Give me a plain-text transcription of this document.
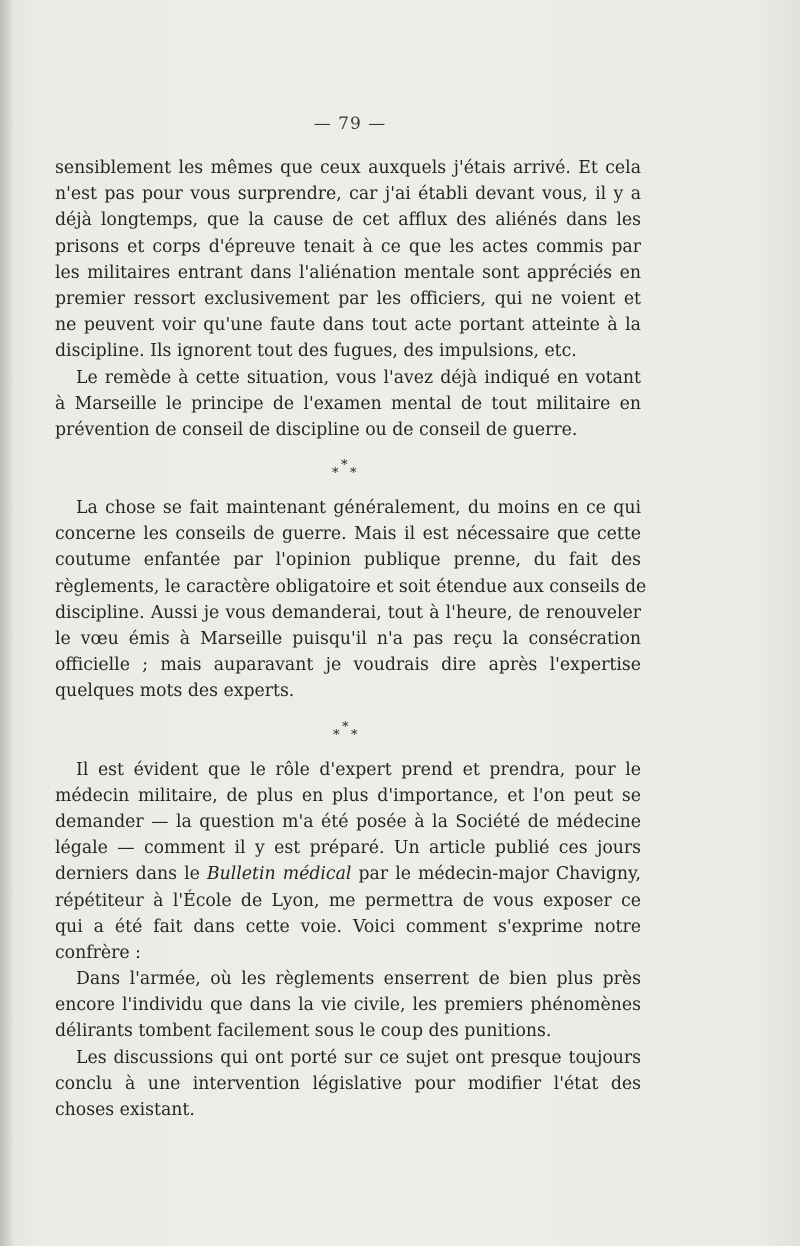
— 79 —
sensiblement les mêmes que ceux auxquels j'étais arrivé. Et cela
n'est pas pour vous surprendre, car j'ai établi devant vous, il y a
déjà longtemps, que la cause de cet afflux des aliénés dans les
prisons et corps d'épreuve tenait à ce que les actes commis par
les militaires entrant dans l'aliénation mentale sont appréciés en
premier ressort exclusivement par les officiers, qui ne voient et
ne peuvent voir qu'une faute dans tout acte portant atteinte à la
discipline. Ils ignorent tout des fugues, des impulsions, etc.
Le remède à cette situation, vous l'avez déjà indiqué en votant
à Marseille le principe de l'examen mental de tout militaire en
prévention de conseil de discipline ou de conseil de guerre.
*
* *
La chose se fait maintenant généralement, du moins en ce qui
concerne les conseils de guerre. Mais il est nécessaire que cette
coutume enfantée par l'opinion publique prenne, du fait des
règlements, le caractère obligatoire et soit étendue aux conseils de
discipline. Aussi je vous demanderai, tout à l'heure, de renouveler
le vœu émis à Marseille puisqu'il n'a pas reçu la consécration
officielle ; mais auparavant je voudrais dire après l'expertise
quelques mots des experts.
*
* *
Il est évident que le rôle d'expert prend et prendra, pour le
médecin militaire, de plus en plus d'importance, et l'on peut se
demander — la question m'a été posée à la Société de médecine
légale — comment il y est préparé. Un article publié ces jours
derniers dans le Bulletin médical par le médecin-major Chavigny,
répétiteur à l'École de Lyon, me permettra de vous exposer ce
qui a été fait dans cette voie. Voici comment s'exprime notre
confrère :
Dans l'armée, où les règlements enserrent de bien plus près
encore l'individu que dans la vie civile, les premiers phénomènes
délirants tombent facilement sous le coup des punitions.
Les discussions qui ont porté sur ce sujet ont presque toujours
conclu à une intervention législative pour modifier l'état des
choses existant.
